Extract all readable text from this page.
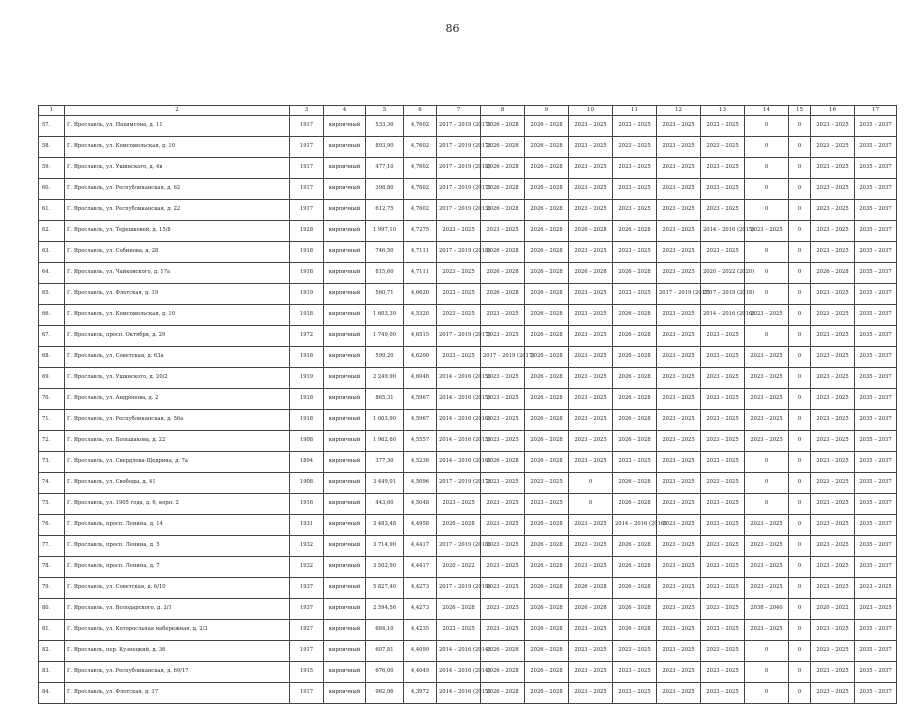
86
1	2	3	4	5	6	7	8	9	10	11	12	13	14	15	16	17
57.	Г. Ярославль, ул. Нахимсона, д. 11	1917	кирпичный	533,30	4,7602	2017 – 2019 (2017)	2026 – 2028	2026 – 2028	2023 – 2025	2023 – 2025	2023 – 2025	2023 – 2025	0	0	2023 – 2025	2035 – 2037
58.	Г. Ярославль, ул. Комсомольская, д. 10	1917	кирпичный	893,90	4,7602	2017 – 2019 (2017)	2026 – 2028	2026 – 2028	2023 – 2025	2023 – 2025	2023 – 2025	2023 – 2025	0	0	2023 – 2025	2035 – 2037
59.	Г. Ярославль, ул. Ушинского, д. 4в	1917	кирпичный	477,10	4,7602	2017 – 2019 (2018)	2026 – 2028	2026 – 2028	2023 – 2025	2023 – 2025	2023 – 2025	2023 – 2025	0	0	2023 – 2025	2035 – 2037
60.	Г. Ярославль, ул. Республиканская, д. 62	1917	кирпичный	398,80	4,7602	2017 – 2019 (2017)	2026 – 2028	2026 – 2028	2023 – 2025	2023 – 2025	2023 – 2025	2023 – 2025	0	0	2023 – 2025	2035 – 2037
61.	Г. Ярославль, ул. Республиканская, д. 22	1917	кирпичный	612,75	4,7602	2017 – 2019 (2013)	2026 – 2028	2026 – 2028	2023 – 2025	2023 – 2025	2023 – 2025	2023 – 2025	0	0	2023 – 2025	2035 – 2037
62.	Г. Ярославль, ул. Терешковой, д. 15/8	1928	кирпичный	1 997,10	4,7275	2023 – 2025	2023 – 2025	2026 – 2028	2026 – 2028	2026 – 2028	2023 – 2025	2014 – 2016 (2015)	2023 – 2025	0	2023 – 2025	2035 – 2037
63.	Г. Ярославль, ул. Собинова, д. 28	1918	кирпичный	746,50	4,7111	2017 – 2019 (2018)	2026 – 2028	2026 – 2028	2023 – 2025	2023 – 2025	2023 – 2025	2023 – 2025	0	0	2023 – 2025	2035 – 2037
64.	Г. Ярославль, ул. Чайковского, д. 17а	1918	кирпичный	815,60	4,7111	2023 – 2025	2026 – 2028	2026 – 2028	2026 – 2028	2026 – 2028	2023 – 2025	2020 – 2022 (2020)	0	0	2026 – 2028	2035 – 2037
65.	Г. Ярославль, ул. Флотская, д. 19	1919	кирпичный	560,71	4,6620	2023 – 2025	2026 – 2028	2026 – 2028	2023 – 2025	2023 – 2025	2017 – 2019 (2017)	2017 – 2019 (2018)	0	0	2023 – 2025	2035 – 2037
66.	Г. Ярославль, ул. Комсомольская, д. 10	1918	кирпичный	1 603,30	4,5320	2023 – 2025	2023 – 2025	2026 – 2028	2023 – 2025	2026 – 2028	2023 – 2025	2014 – 2016 (2016)	2023 – 2025	0	2023 – 2025	2035 – 2037
67.	Г. Ярославль, просп. Октября, д. 29	1972	кирпичный	1 749,00	4,6515	2017 – 2019 (2017)	2023 – 2025	2026 – 2028	2023 – 2025	2026 – 2028	2023 – 2025	2023 – 2025	0	0	2023 – 2025	2035 – 2037
68.	Г. Ярославль, ул. Советская, д. 63а	1918	кирпичный	599,20	4,6200	2023 – 2025	2017 – 2019 (2017)	2026 – 2028	2023 – 2025	2026 – 2028	2023 – 2025	2023 – 2025	2023 – 2025	0	2023 – 2025	2035 – 2037
69.	Г. Ярославль, ул. Ушинского, д. 20/2	1919	кирпичный	2 249,90	4,6048	2014 – 2016 (2015)	2023 – 2025	2026 – 2028	2023 – 2025	2026 – 2028	2023 – 2025	2023 – 2025	2023 – 2025	0	2023 – 2025	2035 – 2037
70.	Г. Ярославль, ул. Андропова, д. 2	1918	кирпичный	865,31	4,5967	2014 – 2016 (2015)	2023 – 2025	2026 – 2028	2023 – 2025	2026 – 2028	2023 – 2025	2023 – 2025	2023 – 2025	0	2023 – 2025	2035 – 2037
71.	Г. Ярославль, ул. Республиканская, д. 56а	1918	кирпичный	1 003,90	4,5967	2014 – 2016 (2016)	2023 – 2025	2026 – 2028	2023 – 2025	2026 – 2028	2023 – 2025	2023 – 2025	2023 – 2025	0	2023 – 2025	2035 – 2037
72.	Г. Ярославль, ул. Большакова, д. 22	1908	кирпичный	1 962,60	4,5557	2014 – 2016 (2015)	2023 – 2025	2026 – 2028	2023 – 2025	2026 – 2028	2023 – 2025	2023 – 2025	2023 – 2025	0	2023 – 2025	2035 – 2037
73.	Г. Ярославль, ул. Свердлова-Щедрина, д. 7а	1894	кирпичный	377,30	4,5236	2014 – 2016 (2016)	2026 – 2028	2026 – 2028	2023 – 2025	2023 – 2025	2023 – 2025	2023 – 2025	0	0	2023 – 2025	2035 – 2037
74.	Г. Ярославль, ул. Свободы, д. 41	1908	кирпичный	3 449,01	4,5096	2017 – 2019 (2017)	2023 – 2025	2023 – 2025	0	2026 – 2028	2023 – 2025	2023 – 2025	0	0	2023 – 2025	2035 – 2037
75.	Г. Ярославль, ул. 1905 года, д. 6, корп. 2	1916	кирпичный	443,60	4,5048	2023 – 2025	2023 – 2025	2023 – 2025	0	2026 – 2028	2023 – 2025	2023 – 2025	0	0	2023 – 2025	2035 – 2037
76.	Г. Ярославль, просп. Ленина, д. 14	1931	кирпичный	3 483,48	4,4958	2026 – 2028	2023 – 2025	2026 – 2028	2023 – 2025	2014 – 2016 (2016)	2023 – 2025	2023 – 2025	2023 – 2025	0	2023 – 2025	2035 – 2037
77.	Г. Ярославль, просп. Ленина, д. 5	1932	кирпичный	3 714,90	4,4417	2017 – 2019 (2018)	2023 – 2025	2026 – 2028	2023 – 2025	2026 – 2028	2023 – 2025	2023 – 2025	2023 – 2025	0	2023 – 2025	2035 – 2037
78.	Г. Ярославль, просп. Ленина, д. 7	1932	кирпичный	3 502,90	4,4417	2020 – 2022	2023 – 2025	2026 – 2028	2023 – 2025	2026 – 2028	2023 – 2025	2023 – 2025	2023 – 2025	0	2023 – 2025	2035 – 2037
79.	Г. Ярославль, ул. Советская, д. 6/10	1937	кирпичный	5 827,40	4,4273	2017 – 2019 (2019)	2023 – 2025	2026 – 2028	2026 – 2028	2026 – 2028	2023 – 2025	2023 – 2025	2023 – 2025	0	2023 – 2025	2023 – 2025
80.	Г. Ярославль, ул. Володарского, д. 2/1	1937	кирпичный	2 594,56	4,4273	2026 – 2028	2023 – 2025	2026 – 2028	2026 – 2028	2026 – 2028	2023 – 2025	2023 – 2025	2038 – 2040	0	2020 – 2022	2023 – 2025
81.	Г. Ярославль, ул. Которосльная набережная, д. 2/3	1927	кирпичный	684,10	4,4235	2023 – 2025	2023 – 2025	2026 – 2028	2023 – 2025	2026 – 2028	2023 – 2025	2023 – 2025	2023 – 2025	0	2023 – 2025	2035 – 2037
82.	Г. Ярославль, пер. Кузнецкий, д. 36	1917	кирпичный	607,81	4,4099	2014 – 2016 (2014)	2026 – 2028	2026 – 2028	2023 – 2025	2023 – 2025	2023 – 2025	2023 – 2025	0	0	2023 – 2025	2035 – 2037
83.	Г. Ярославль, ул. Республиканская, д. 69/17	1915	кирпичный	676,00	4,4049	2014 – 2016 (2014)	2026 – 2028	2026 – 2028	2023 – 2025	2023 – 2025	2023 – 2025	2023 – 2025	0	0	2023 – 2025	2035 – 2037
84.	Г. Ярославль, ул. Флотская, д. 17	1917	кирпичный	962,06	4,3972	2014 – 2016 (2015)	2026 – 2028	2026 – 2028	2023 – 2025	2023 – 2025	2023 – 2025	2023 – 2025	0	0	2023 – 2025	2035 – 2037
